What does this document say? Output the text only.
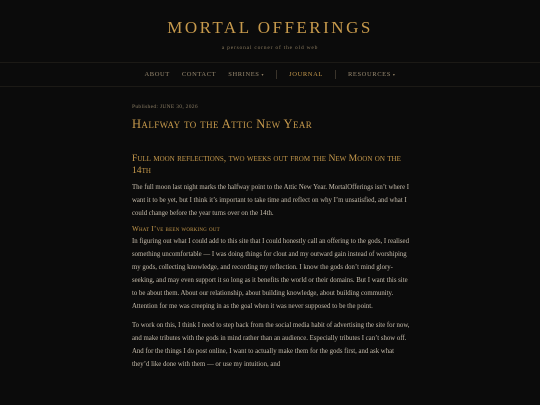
MORTAL OFFERINGS
a personal corner of the old web
ABOUT CONTACT SHRINES ▾	JOURNAL	RESOURCES ▾
Published: JUNE 30, 2026
Halfway to the Attic New Year
Full moon reflections, two weeks out from the New Moon on the 14th

The full moon last night marks the halfway point to the Attic New Year. MortalOfferings isn’t where I want it to be yet, but I think it’s important to take time and reflect on why I’m unsatisfied, and what I could change before the year turns over on the 14th.

What I’ve been working out

In figuring out what I could add to this site that I could honestly call an offering to the gods, I realised something uncomfortable — I was doing things for clout and my outward gain instead of worshiping my gods, collecting knowledge, and recording my reflection. I know the gods don’t mind glory-seeking, and may even support it so long as it benefits the world or their domains. But I want this site to be about them. About our relationship, about building knowledge, about building community. Attention for me was creeping in as the goal when it was never supposed to be the point.

To work on this, I think I need to step back from the social media habit of advertising the site for now, and make tributes with the gods in mind rather than an audience. Especially tributes I can’t show off. And for the things I do post online, I want to actually make them for the gods first, and ask what they’d like done with them — or use my intuition, and
